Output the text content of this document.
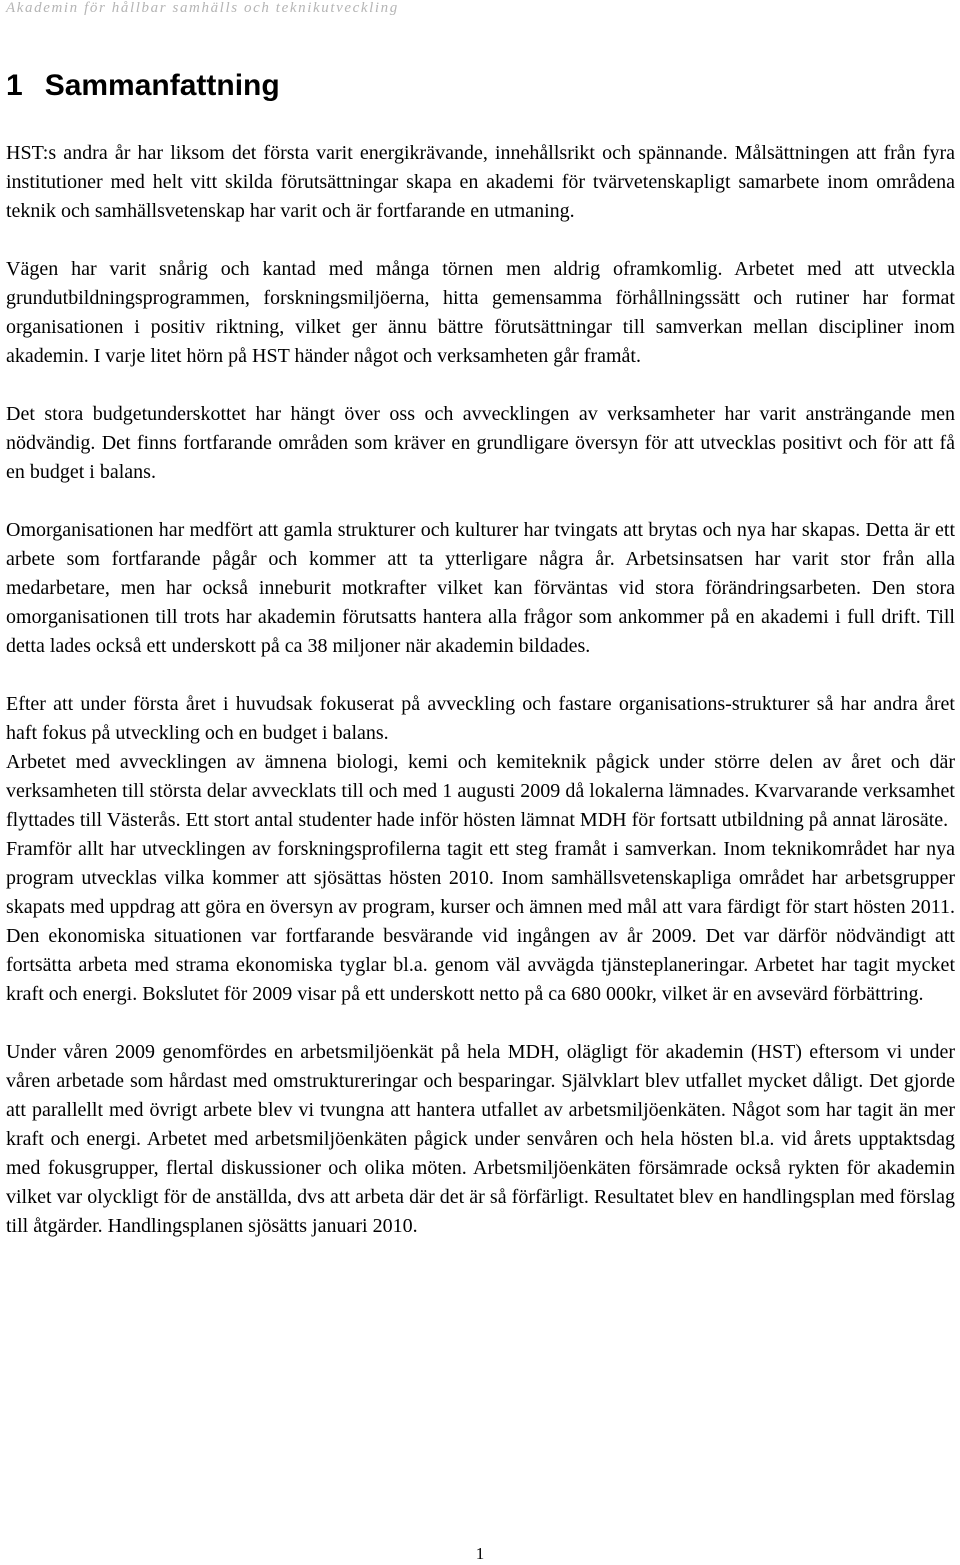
Akademin för hållbar samhälls och teknikutveckling
1 Sammanfattning

HST:s andra år har liksom det första varit energikrävande, innehållsrikt och spännande. Målsättningen att från fyra institutioner med helt vitt skilda förutsättningar skapa en akademi för tvärvetenskapligt samarbete inom områdena teknik och samhällsvetenskap har varit och är fortfarande en utmaning.

Vägen har varit snårig och kantad med många törnen men aldrig oframkomlig. Arbetet med att utveckla grundutbildningsprogrammen, forskningsmiljöerna, hitta gemensamma förhållningssätt och rutiner har format organisationen i positiv riktning, vilket ger ännu bättre förutsättningar till samverkan mellan discipliner inom akademin. I varje litet hörn på HST händer något och verksamheten går framåt.

Det stora budgetunderskottet har hängt över oss och avvecklingen av verksamheter har varit ansträngande men nödvändig. Det finns fortfarande områden som kräver en grundligare översyn för att utvecklas positivt och för att få en budget i balans.

Omorganisationen har medfört att gamla strukturer och kulturer har tvingats att brytas och nya har skapas. Detta är ett arbete som fortfarande pågår och kommer att ta ytterligare några år. Arbetsinsatsen har varit stor från alla medarbetare, men har också inneburit motkrafter vilket kan förväntas vid stora förändringsarbeten. Den stora omorganisationen till trots har akademin förutsatts hantera alla frågor som ankommer på en akademi i full drift. Till detta lades också ett underskott på ca 38 miljoner när akademin bildades.

Efter att under första året i huvudsak fokuserat på avveckling och fastare organisations-strukturer så har andra året haft fokus på utveckling och en budget i balans.

Arbetet med avvecklingen av ämnena biologi, kemi och kemiteknik pågick under större delen av året och där verksamheten till största delar avvecklats till och med 1 augusti 2009 då lokalerna lämnades. Kvarvarande verksamhet flyttades till Västerås. Ett stort antal studenter hade inför hösten lämnat MDH för fortsatt utbildning på annat lärosäte.

Framför allt har utvecklingen av forskningsprofilerna tagit ett steg framåt i samverkan. Inom teknikområdet har nya program utvecklas vilka kommer att sjösättas hösten 2010. Inom samhällsvetenskapliga området har arbetsgrupper skapats med uppdrag att göra en översyn av program, kurser och ämnen med mål att vara färdigt för start hösten 2011. Den ekonomiska situationen var fortfarande besvärande vid ingången av år 2009. Det var därför nödvändigt att fortsätta arbeta med strama ekonomiska tyglar bl.a. genom väl avvägda tjänsteplaneringar. Arbetet har tagit mycket kraft och energi. Bokslutet för 2009 visar på ett underskott netto på ca 680 000kr, vilket är en avsevärd förbättring.

Under våren 2009 genomfördes en arbetsmiljöenkät på hela MDH, olägligt för akademin (HST) eftersom vi under våren arbetade som hårdast med omstruktureringar och besparingar. Självklart blev utfallet mycket dåligt. Det gjorde att parallellt med övrigt arbete blev vi tvungna att hantera utfallet av arbetsmiljöenkäten. Något som har tagit än mer kraft och energi. Arbetet med arbetsmiljöenkäten pågick under senvåren och hela hösten bl.a. vid årets upptaktsdag med fokusgrupper, flertal diskussioner och olika möten. Arbetsmiljöenkäten försämrade också rykten för akademin vilket var olyckligt för de anställda, dvs att arbeta där det är så förfärligt. Resultatet blev en handlingsplan med förslag till åtgärder. Handlingsplanen sjösätts januari 2010.

1
